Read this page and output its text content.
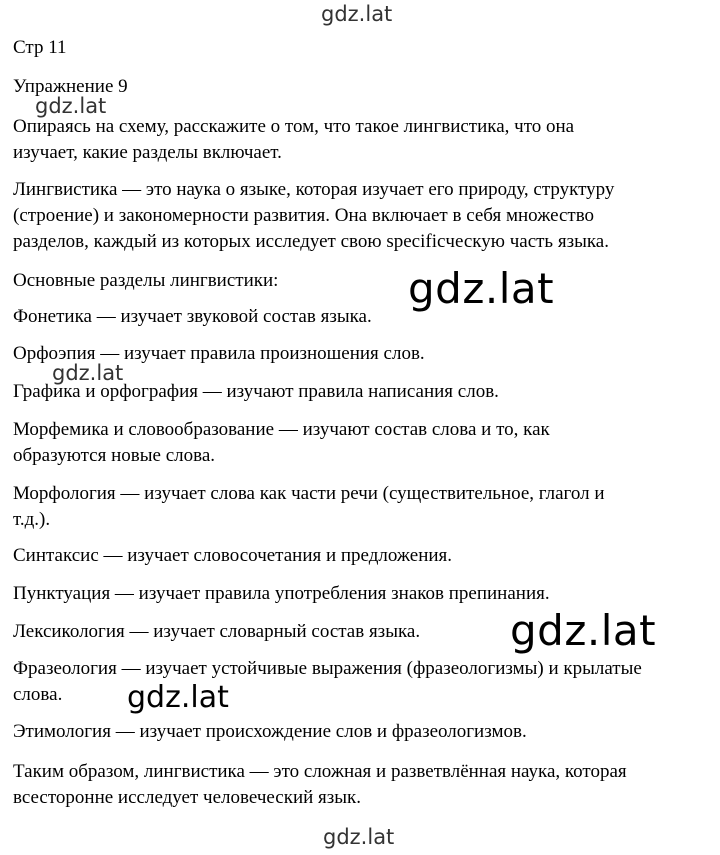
Стр 11
Упражнение 9
Опираясь на схему, расскажите о том, что такое лингвистика, что она
изучает, какие разделы включает.
Лингвистика — это наука о языке, которая изучает его природу, структуру
(строение) и закономерности развития. Она включает в себя множество
разделов, каждый из которых исследует свою specificческую часть языка.
Основные разделы лингвистики:
Фонетика — изучает звуковой состав языка.
Орфоэпия — изучает правила произношения слов.
Графика и орфография — изучают правила написания слов.
Морфемика и словообразование — изучают состав слова и то, как
образуются новые слова.
Морфология — изучает слова как части речи (существительное, глагол и
т.д.).
Синтаксис — изучает словосочетания и предложения.
Пунктуация — изучает правила употребления знаков препинания.
Лексикология — изучает словарный состав языка.
Фразеология — изучает устойчивые выражения (фразеологизмы) и крылатые
слова.
Этимология — изучает происхождение слов и фразеологизмов.
Таким образом, лингвистика — это сложная и разветвлённая наука, которая
всесторонне исследует человеческий язык.
gdz.lat
gdz.lat
gdz.lat
gdz.lat
gdz.lat
gdz.lat
gdz.lat
